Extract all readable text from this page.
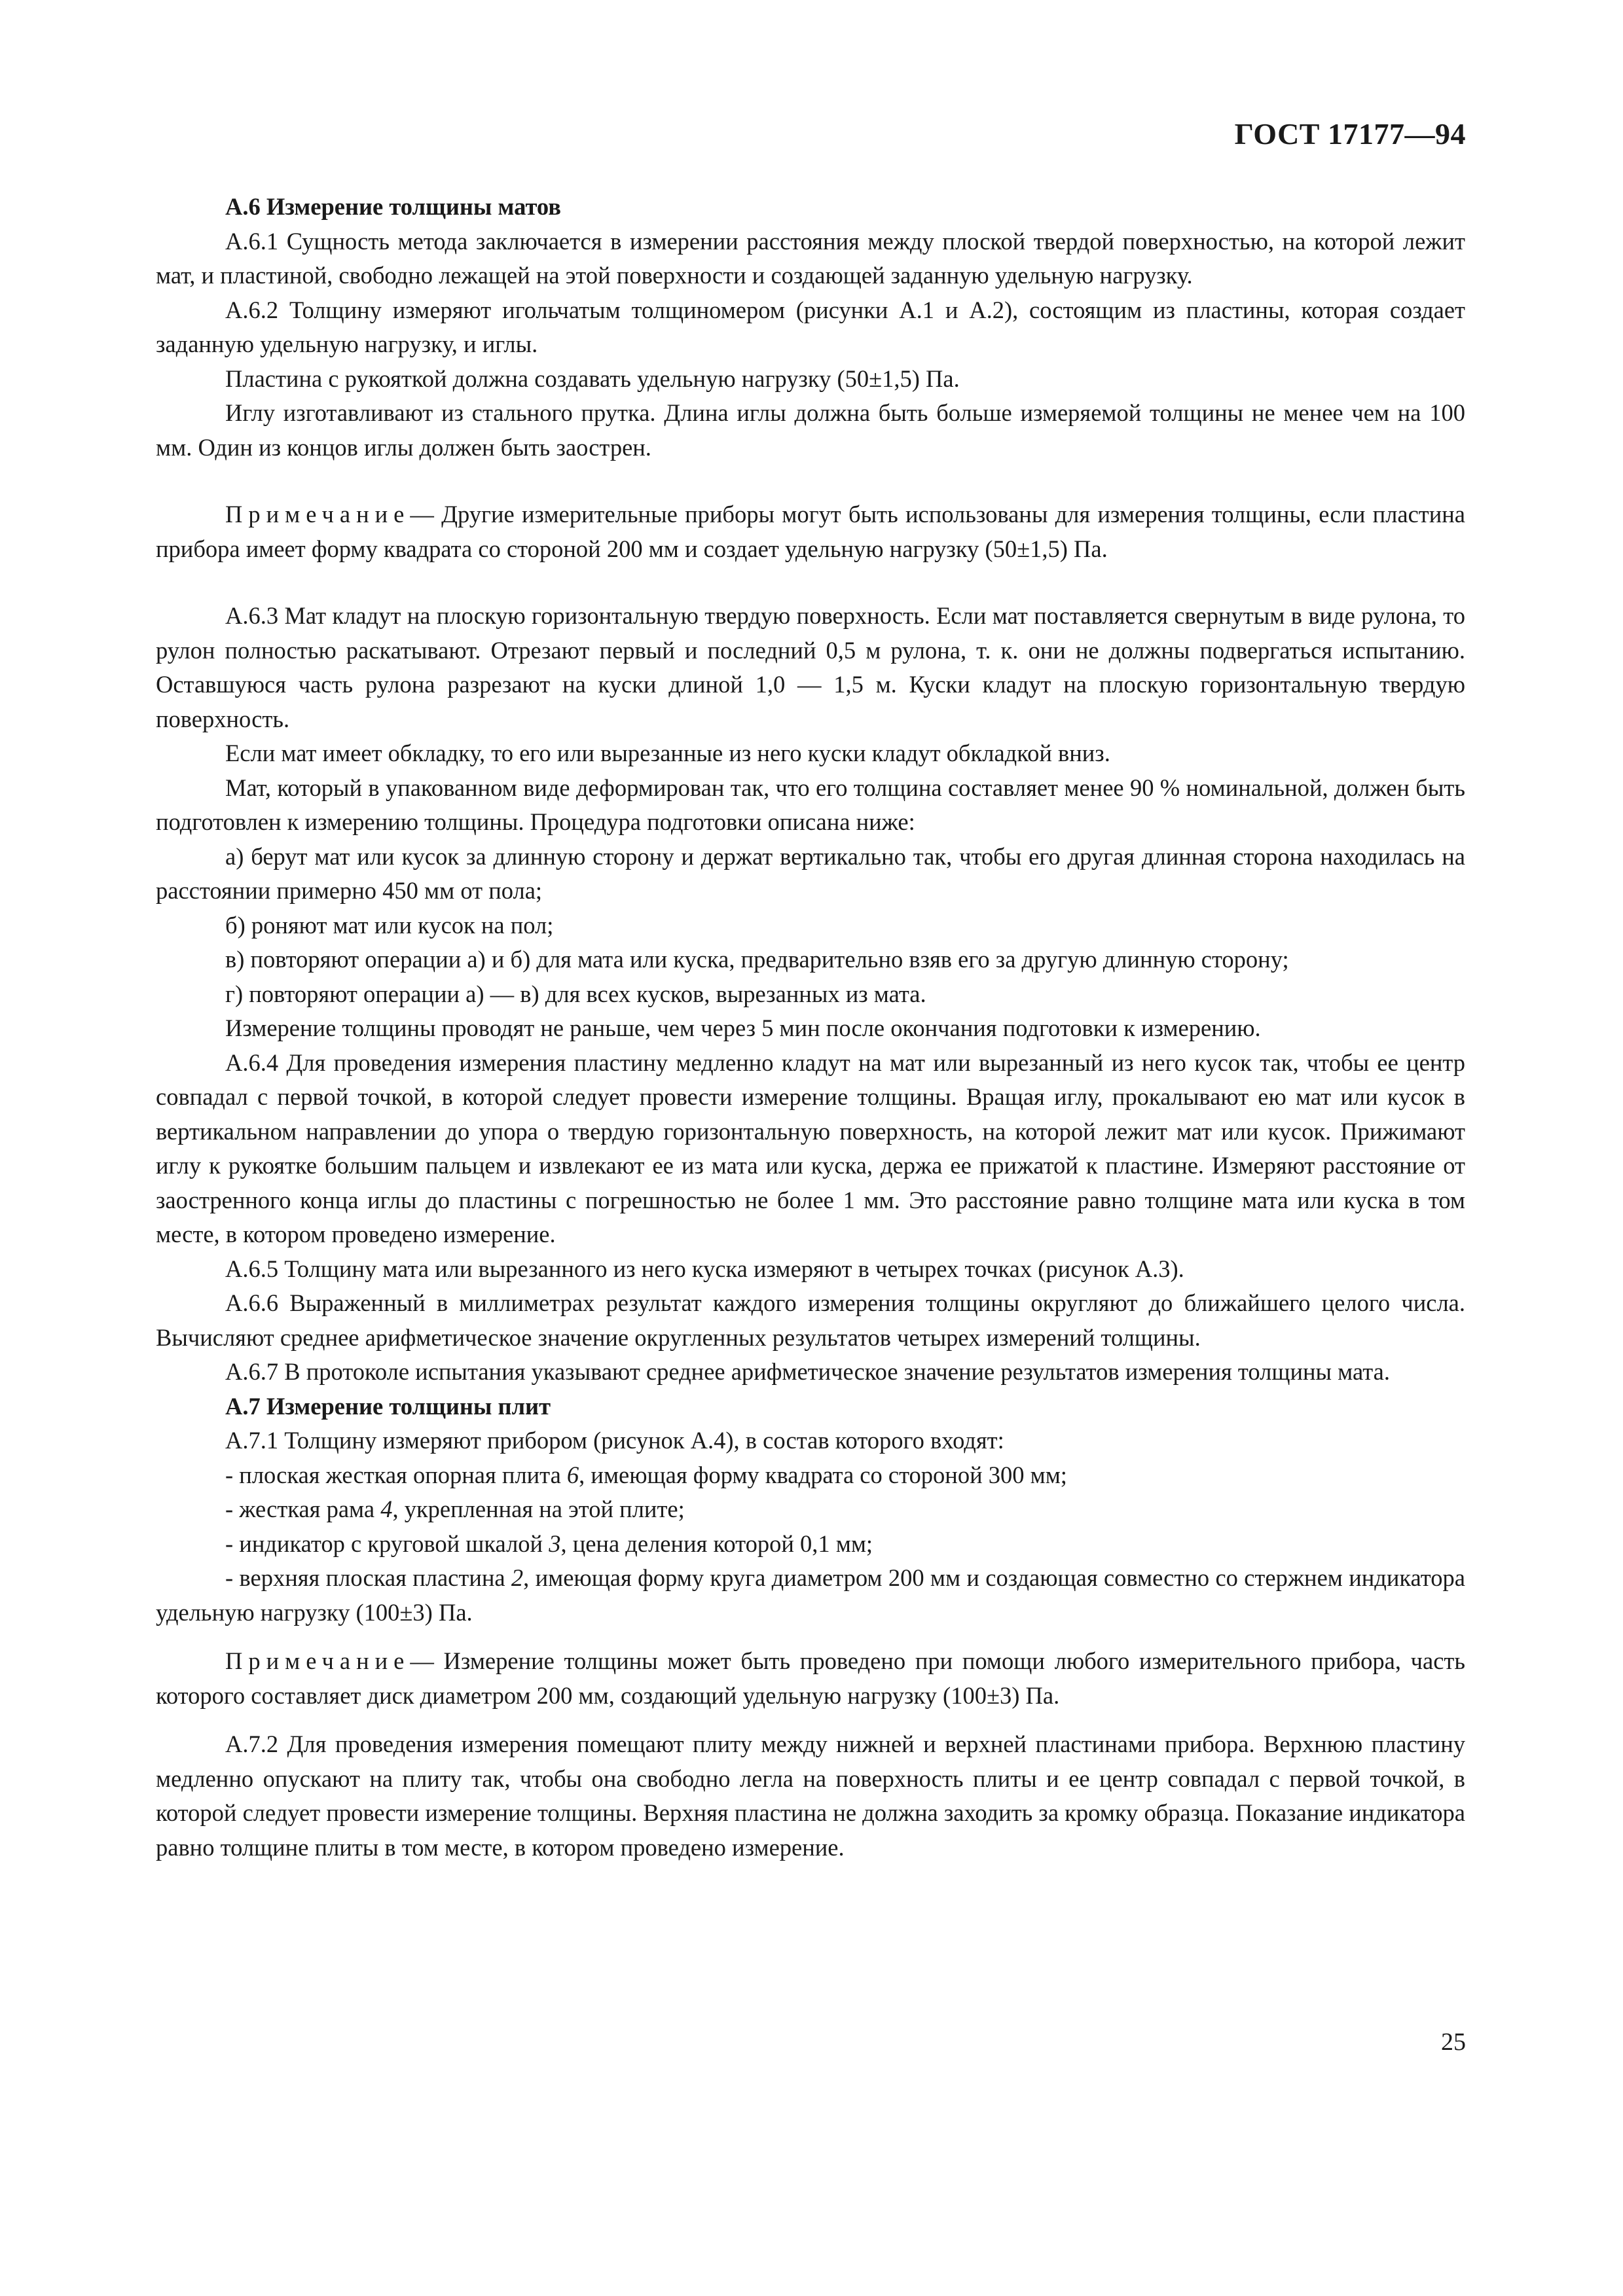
ГОСТ 17177—94
А.6 Измерение толщины матов

А.6.1 Сущность метода заключается в измерении расстояния между плоской твердой поверхностью, на которой лежит мат, и пластиной, свободно лежащей на этой поверхности и создающей заданную удельную нагрузку.

А.6.2 Толщину измеряют игольчатым толщиномером (рисунки А.1 и А.2), состоящим из пластины, которая создает заданную удельную нагрузку, и иглы.

Пластина с рукояткой должна создавать удельную нагрузку (50±1,5) Па.

Иглу изготавливают из стального прутка. Длина иглы должна быть больше измеряемой толщины не менее чем на 100 мм. Один из концов иглы должен быть заострен.

Примечание— Другие измерительные приборы могут быть использованы для измерения толщины, если пластина прибора имеет форму квадрата со стороной 200 мм и создает удельную нагрузку (50±1,5) Па.

А.6.3 Мат кладут на плоскую горизонтальную твердую поверхность. Если мат поставляется свернутым в виде рулона, то рулон полностью раскатывают. Отрезают первый и последний 0,5 м рулона, т. к. они не должны подвергаться испытанию. Оставшуюся часть рулона разрезают на куски длиной 1,0 — 1,5 м. Куски кладут на плоскую горизонтальную твердую поверхность.

Если мат имеет обкладку, то его или вырезанные из него куски кладут обкладкой вниз.

Мат, который в упакованном виде деформирован так, что его толщина составляет менее 90 % номинальной, должен быть подготовлен к измерению толщины. Процедура подготовки описана ниже:

а) берут мат или кусок за длинную сторону и держат вертикально так, чтобы его другая длинная сторона находилась на расстоянии примерно 450 мм от пола;

б) роняют мат или кусок на пол;

в) повторяют операции а) и б) для мата или куска, предварительно взяв его за другую длинную сторону;

г) повторяют операции а) — в) для всех кусков, вырезанных из мата.

Измерение толщины проводят не раньше, чем через 5 мин после окончания подготовки к измерению.

А.6.4 Для проведения измерения пластину медленно кладут на мат или вырезанный из него кусок так, чтобы ее центр совпадал с первой точкой, в которой следует провести измерение толщины. Вращая иглу, прокалывают ею мат или кусок в вертикальном направлении до упора о твердую горизонтальную поверхность, на которой лежит мат или кусок. Прижимают иглу к рукоятке большим пальцем и извлекают ее из мата или куска, держа ее прижатой к пластине. Измеряют расстояние от заостренного конца иглы до пластины с погрешностью не более 1 мм. Это расстояние равно толщине мата или куска в том месте, в котором проведено измерение.

А.6.5 Толщину мата или вырезанного из него куска измеряют в четырех точках (рисунок А.3).

А.6.6 Выраженный в миллиметрах результат каждого измерения толщины округляют до ближайшего целого числа. Вычисляют среднее арифметическое значение округленных результатов четырех измерений толщины.

А.6.7 В протоколе испытания указывают среднее арифметическое значение результатов измерения толщины мата.

А.7 Измерение толщины плит

А.7.1 Толщину измеряют прибором (рисунок А.4), в состав которого входят:

- плоская жесткая опорная плита 6, имеющая форму квадрата со стороной 300 мм;

- жесткая рама 4, укрепленная на этой плите;

- индикатор с круговой шкалой 3, цена деления которой 0,1 мм;

- верхняя плоская пластина 2, имеющая форму круга диаметром 200 мм и создающая совместно со стержнем индикатора удельную нагрузку (100±3) Па.

Примечание— Измерение толщины может быть проведено при помощи любого измерительного прибора, часть которого составляет диск диаметром 200 мм, создающий удельную нагрузку (100±3) Па.

А.7.2 Для проведения измерения помещают плиту между нижней и верхней пластинами прибора. Верхнюю пластину медленно опускают на плиту так, чтобы она свободно легла на поверхность плиты и ее центр совпадал с первой точкой, в которой следует провести измерение толщины. Верхняя пластина не должна заходить за кромку образца. Показание индикатора равно толщине плиты в том месте, в котором проведено измерение.

25
